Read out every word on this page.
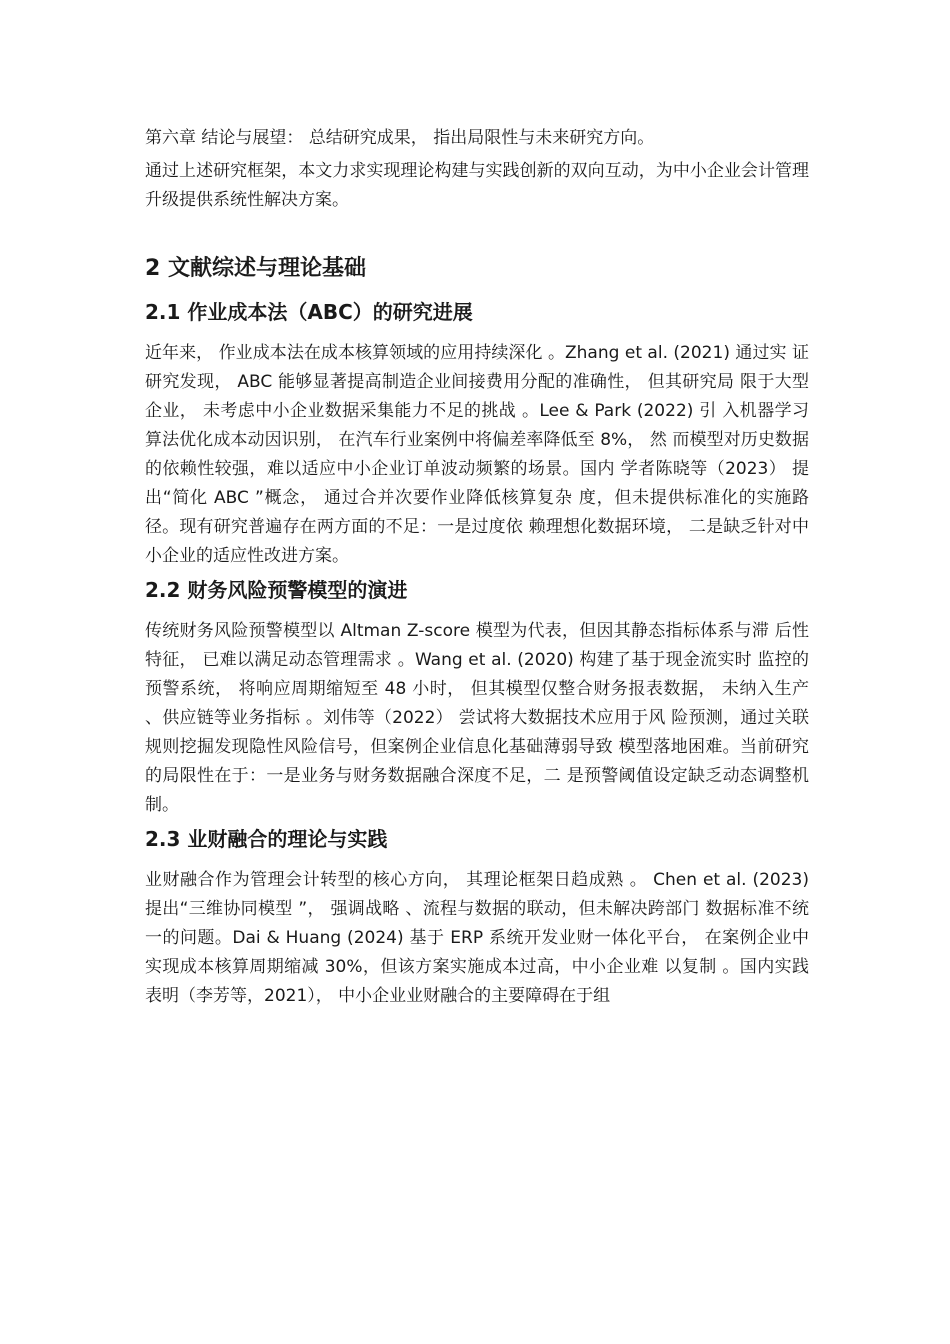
第六章 结论与展望： 总结研究成果， 指出局限性与未来研究方向。

通过上述研究框架，本文力求实现理论构建与实践创新的双向互动，为中小企业会计管理升级提供系统性解决方案。

2 文献综述与理论基础
2.1 作业成本法（ABC）的研究进展

近年来， 作业成本法在成本核算领域的应用持续深化 。Zhang et al. (2021) 通过实 证研究发现， ABC 能够显著提高制造企业间接费用分配的准确性， 但其研究局 限于大型企业， 未考虑中小企业数据采集能力不足的挑战 。Lee & Park (2022) 引 入机器学习算法优化成本动因识别， 在汽车行业案例中将偏差率降低至 8%， 然 而模型对历史数据的依赖性较强，难以适应中小企业订单波动频繁的场景。国内 学者陈晓等（2023） 提出“简化 ABC ”概念， 通过合并次要作业降低核算复杂 度，但未提供标准化的实施路径。现有研究普遍存在两方面的不足：一是过度依 赖理想化数据环境， 二是缺乏针对中小企业的适应性改进方案。

2.2 财务风险预警模型的演进

传统财务风险预警模型以 Altman Z-score 模型为代表，但因其静态指标体系与滞 后性特征， 已难以满足动态管理需求 。Wang et al. (2020) 构建了基于现金流实时 监控的预警系统， 将响应周期缩短至 48 小时， 但其模型仅整合财务报表数据， 未纳入生产 、供应链等业务指标 。刘伟等（2022） 尝试将大数据技术应用于风 险预测，通过关联规则挖掘发现隐性风险信号，但案例企业信息化基础薄弱导致 模型落地困难。当前研究的局限性在于：一是业务与财务数据融合深度不足，二 是预警阈值设定缺乏动态调整机制。

2.3 业财融合的理论与实践

业财融合作为管理会计转型的核心方向， 其理论框架日趋成熟 。 Chen et al. (2023) 提出“三维协同模型 ”， 强调战略 、流程与数据的联动，但未解决跨部门 数据标准不统一的问题。Dai & Huang (2024) 基于 ERP 系统开发业财一体化平台， 在案例企业中实现成本核算周期缩减 30%，但该方案实施成本过高，中小企业难 以复制 。国内实践表明（李芳等，2021）， 中小企业业财融合的主要障碍在于组
